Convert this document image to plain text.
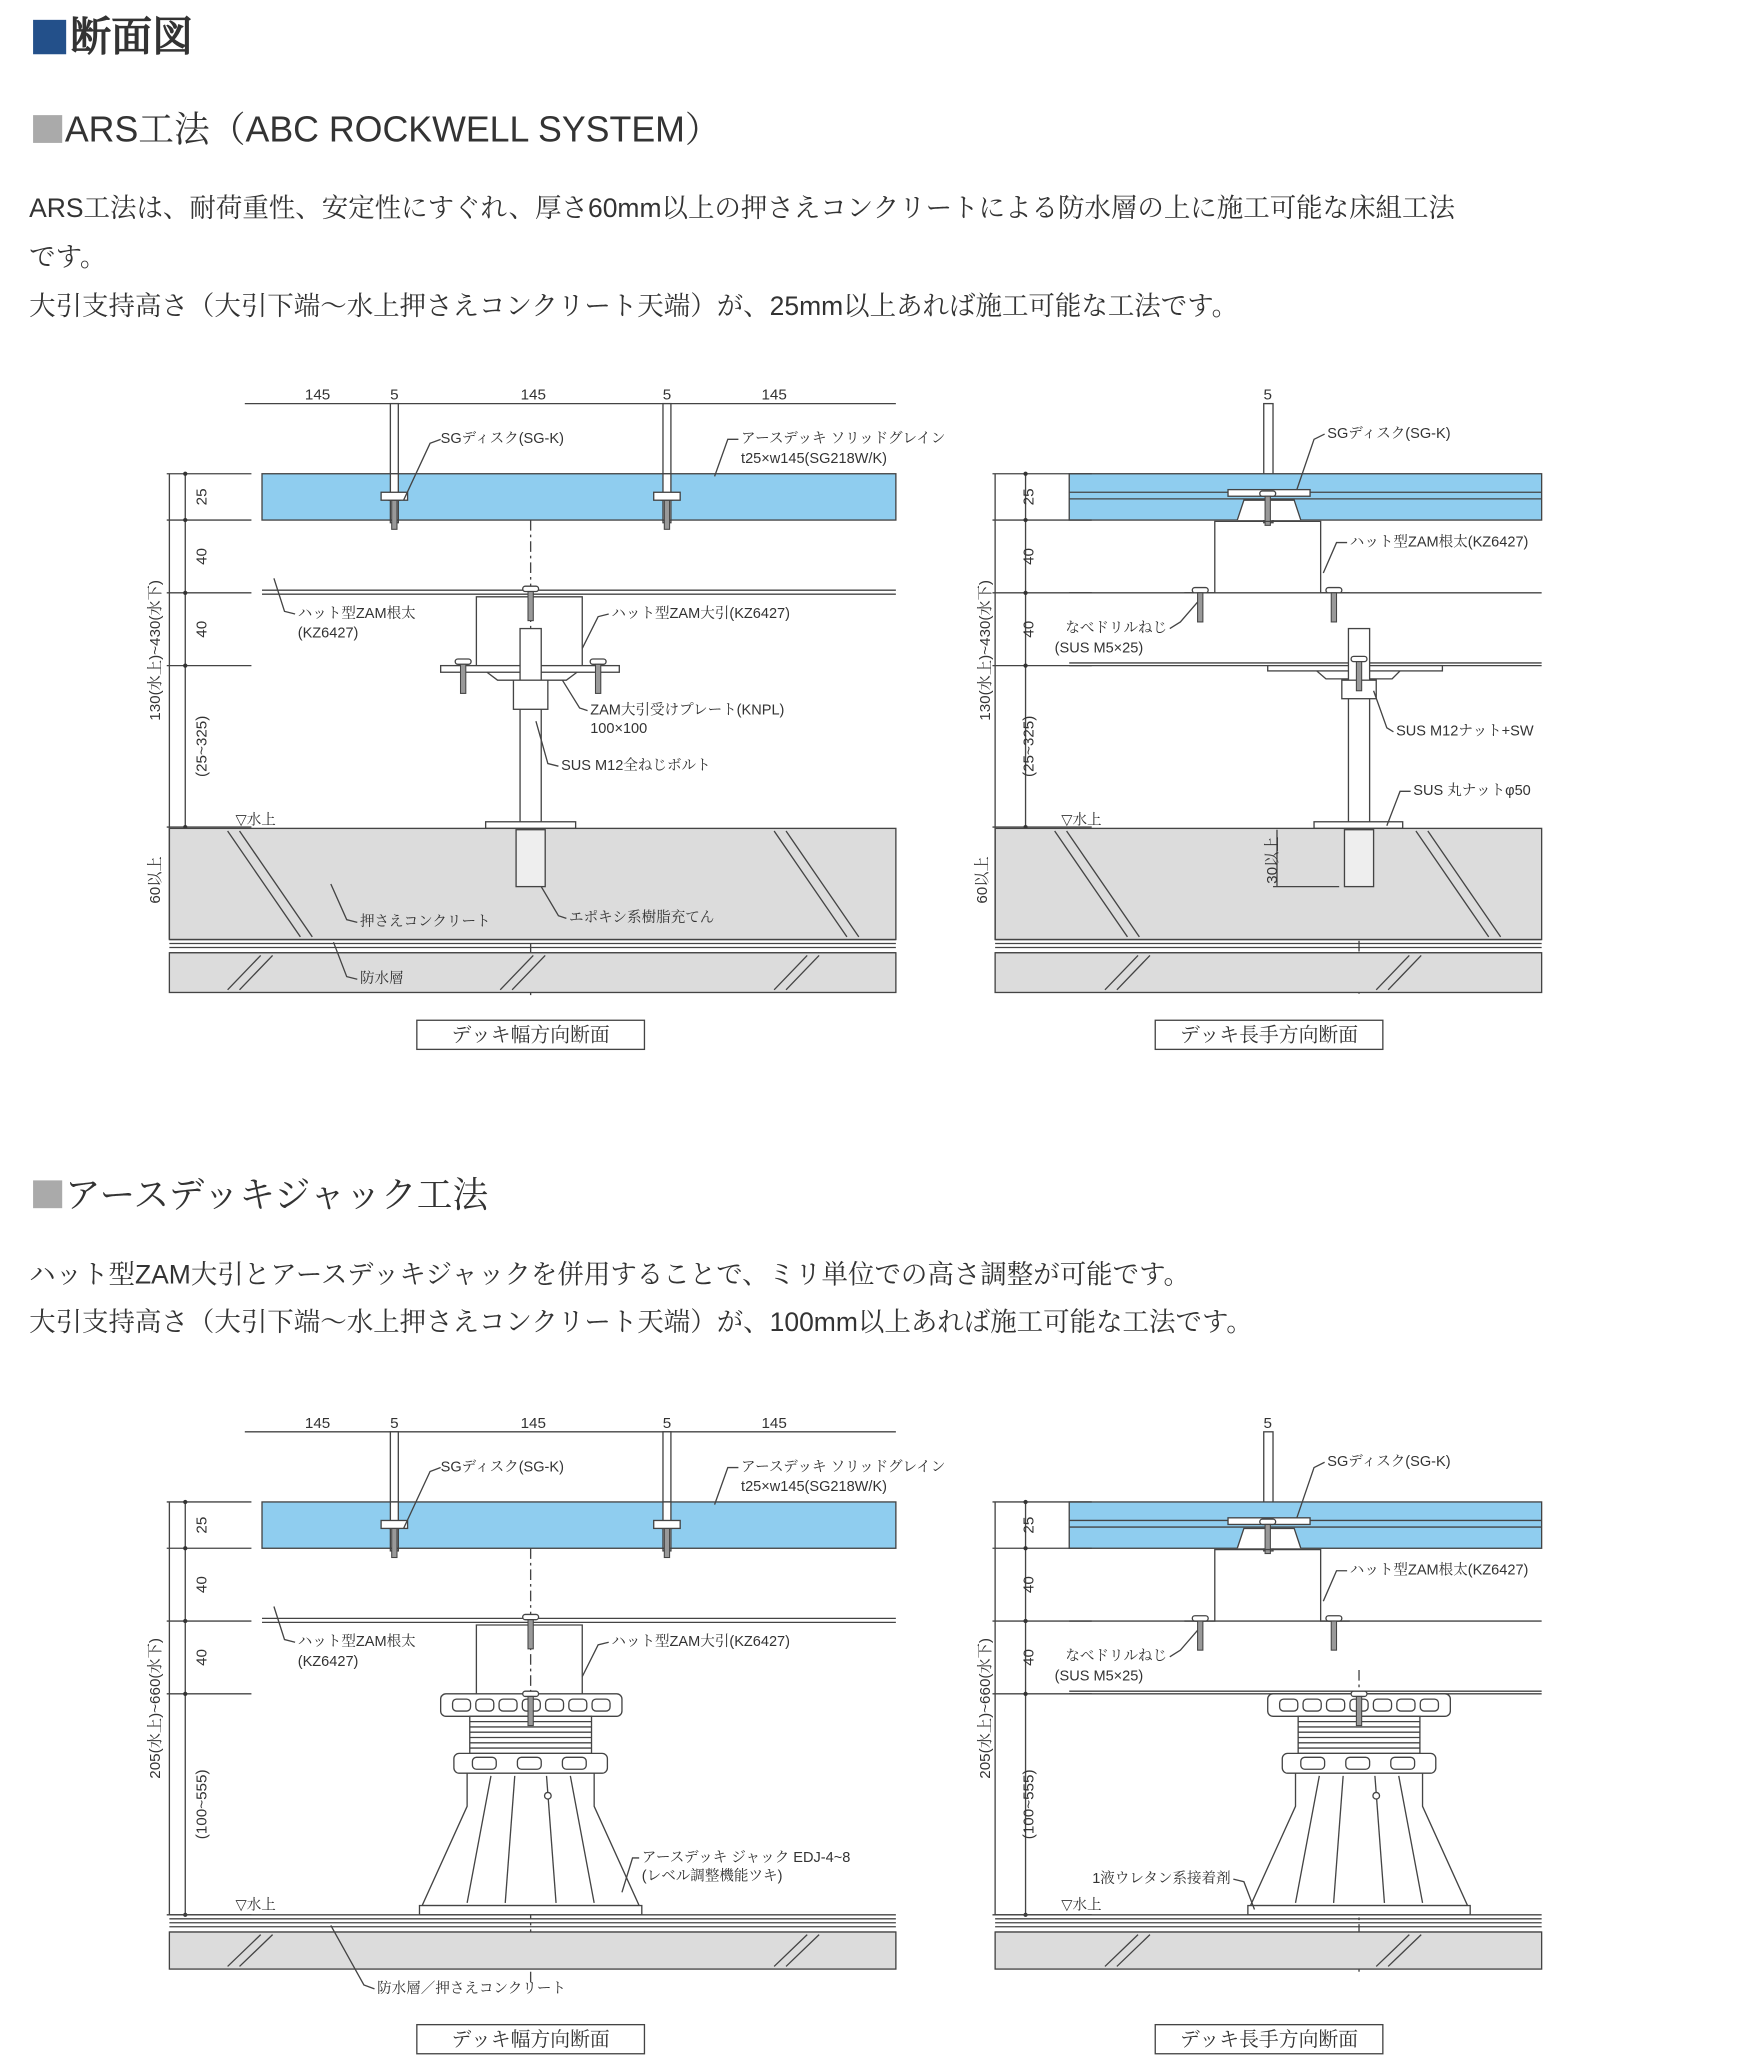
断面図
ARS工法（ABC ROCKWELL SYSTEM）
ARS工法は、耐荷重性、安定性にすぐれ、厚さ60mm以上の押さえコンクリートによる防水層の上に施工可能な床組工法
です。
大引支持高さ（大引下端～水上押さえコンクリート天端）が、25mm以上あれば施工可能な工法です。
アースデッキジャック工法
ハット型ZAM大引とアースデッキジャックを併用することで、ミリ単位での高さ調整が可能です。
大引支持高さ（大引下端～水上押さえコンクリート天端）が、100mm以上あれば施工可能な工法です。
145	5	145	5	145
25
40
40
(25~325)
130(水上)~430(水下)
SGディスク(SG-K)	アースデッキ ソリッドグレイン
t25×w145(SG218W/K)
ハット型ZAM根太
(KZ6427)
ハット型ZAM大引(KZ6427)
▽水上
ZAM大引受けプレート(KNPL)
100×100
SUS M12全ねじボルト
押さえコンクリート	エポキシ系樹脂充てん
防水層
60以上
デッキ幅方向断面
5
25
40
40
(25~325)
130(水上)~430(水下)
SGディスク(SG-K)
ハット型ZAM根太(KZ6427)
なべドリルねじ
(SUS M5×25)
▽水上
SUS M12ナット+SW
SUS 丸ナットφ50
30以上
60以上
デッキ長手方向断面
145	5	145	5	145
25
40
40
(100~555)
205(水上)~660(水下)
SGディスク(SG-K)	アースデッキ ソリッドグレイン
t25×w145(SG218W/K)
ハット型ZAM根太
(KZ6427)
ハット型ZAM大引(KZ6427)
▽水上
アースデッキ ジャック EDJ-4~8
(レベル調整機能ツキ)
防水層／押さえコンクリート
デッキ幅方向断面
5
25
40
40
(100~555)
205(水上)~660(水下)
SGディスク(SG-K)
ハット型ZAM根太(KZ6427)
なべドリルねじ
(SUS M5×25)
▽水上
1液ウレタン系接着剤
デッキ長手方向断面
